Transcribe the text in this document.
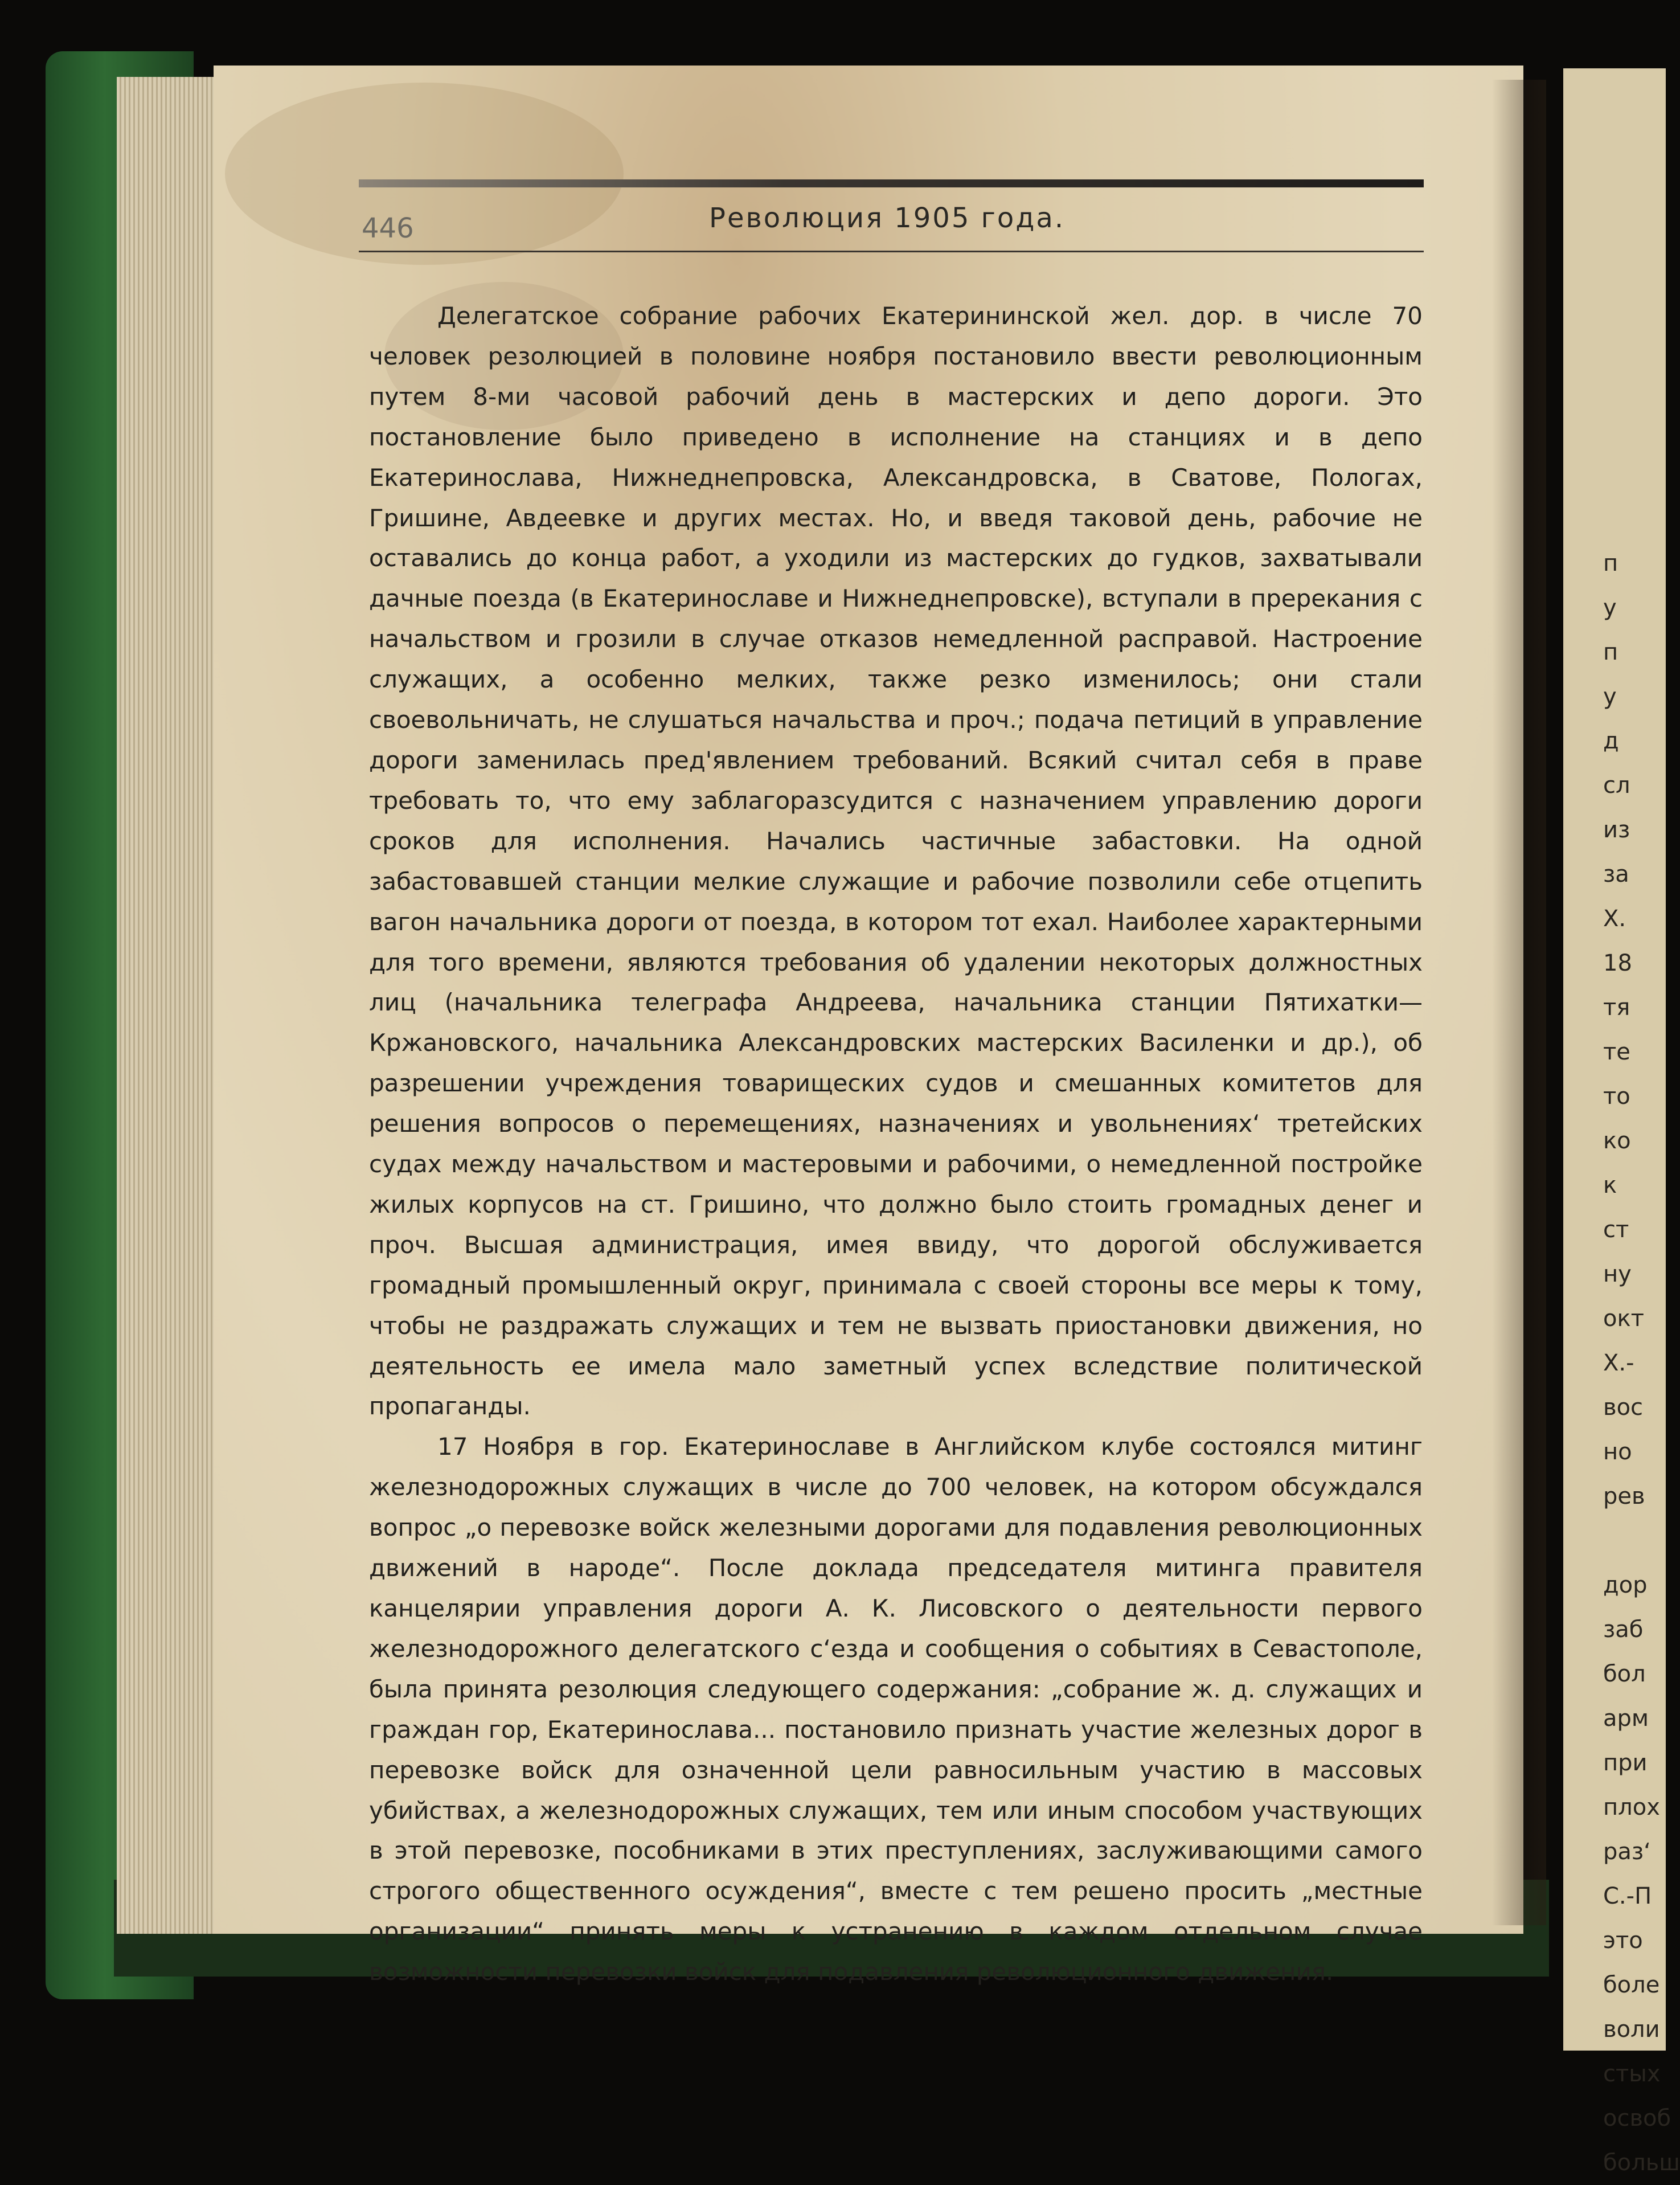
п
у
п
у
д
сл
из
за
Х.
18
тя
те
то
ко
к
ст
ну
окт
Х.-
вос
но
рев

дор
заб
бол
арм
при
плох
раз‘
С.-П
это
боле
воли
стых
освоб
больш
446	Революция 1905 года.

Делегатское собрание рабочих Екатерининской жел. дор. в числе 70 человек резолюцией в половине ноября постановило ввести революционным путем 8-ми часовой рабочий день в мастерских и депо дороги. Это постановление было приведено в исполнение на станциях и в депо Екатеринослава, Нижнеднепровска, Александровска, в Сватове, Пологах, Гришине, Авдеевке и других местах. Но, и введя таковой день, рабочие не оставались до конца работ, а уходили из мастерских до гудков, захватывали дачные поезда (в Екатеринославе и Нижнеднепровске), вступали в пререкания с начальством и грозили в случае отказов немедленной расправой. Настроение служащих, а особенно мелких, также резко изменилось; они стали своевольничать, не слушаться начальства и проч.; подача петиций в управление дороги заменилась пред'явлением требований. Всякий считал себя в праве требовать то, что ему заблагоразсудится с назначением управлению дороги сроков для исполнения. Начались частичные забастовки. На одной забастовавшей станции мелкие служащие и рабочие позволили себе отцепить вагон начальника дороги от поезда, в котором тот ехал. Наиболее характерными для того времени, являются требования об удалении некоторых должностных лиц (начальника телеграфа Андреева, начальника станции Пятихатки—Кржановского, начальника Александровских мастерских Василенки и др.), об разрешении учреждения товарищеских судов и смешанных комитетов для решения вопросов о перемещениях, назначениях и увольнениях‘ третейских судах между начальством и мастеровыми и рабочими, о немедленной постройке жилых корпусов на ст. Гришино, что должно было стоить громадных денег и проч. Высшая администрация, имея ввиду, что дорогой обслуживается громадный промышленный округ, принимала с своей стороны все меры к тому, чтобы не раздражать служащих и тем не вызвать приостановки движения, но деятельность ее имела мало заметный успех вследствие политической пропаганды.

17 Ноября в гор. Екатеринославе в Английском клубе состоялся митинг железнодорожных служащих в числе до 700 человек, на котором обсуждался вопрос „о перевозке войск железными дорогами для подавления революционных движений в народе“. После доклада председателя митинга правителя канцелярии управления дороги А. К. Лисовского о деятельности первого железнодорожного делегатского с‘езда и сообщения о событиях в Севастополе, была принята резолюция следующего содержания: „собрание ж. д. служащих и граждан гор, Екатеринослава... постановило признать участие железных дорог в перевозке войск для означенной цели равносильным участию в массовых убийствах, а железнодорожных служащих, тем или иным способом участвующих в этой перевозке, пособниками в этих преступлениях, заслуживающими самого строгого общественного осуждения“, вместе с тем решено просить „местные организации“ принять меры к устранению в каждом отдельном случае возможности перевозки войск для подавления революционного движения.
